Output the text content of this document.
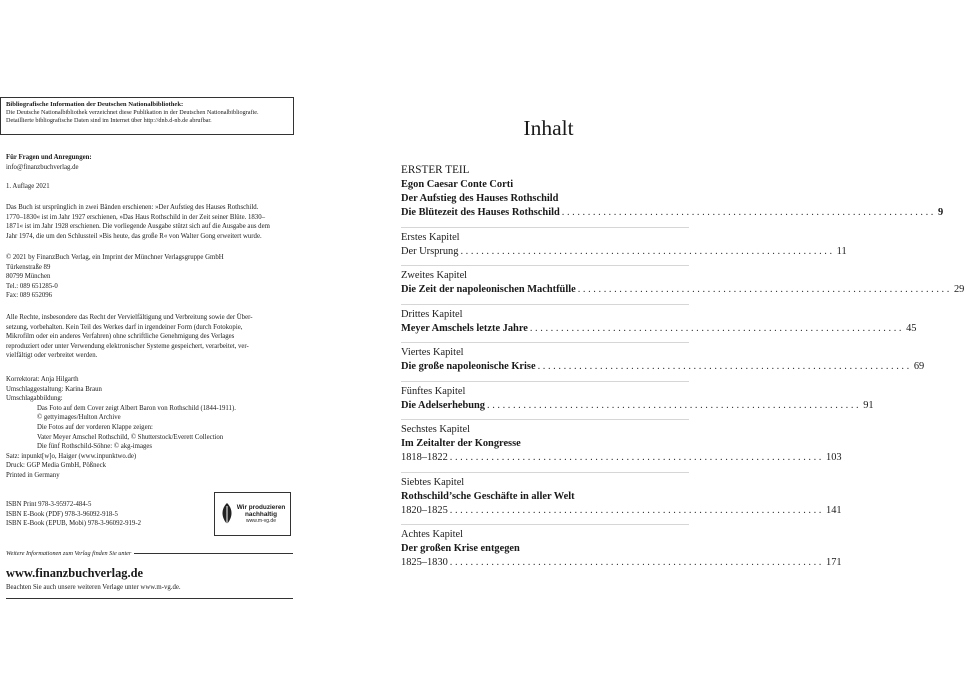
Bibliografische Information der Deutschen Nationalbibliothek:
Die Deutsche Nationalbibliothek verzeichnet diese Publikation in der Deutschen Nationalbibliografie.
Detaillierte bibliografische Daten sind im Internet über http://dnb.d-nb.de abrufbar.
Für Fragen und Anregungen:
info@finanzbuchverlag.de
1. Auflage 2021
Das Buch ist ursprünglich in zwei Bänden erschienen: »Der Aufstieg des Hauses Rothschild.
1770–1830« ist im Jahr 1927 erschienen, »Das Haus Rothschild in der Zeit seiner Blüte. 1830–
1871« ist im Jahr 1928 erschienen. Die vorliegende Ausgabe stützt sich auf die Ausgabe aus dem
Jahr 1974, die um den Schlussteil »Bis heute, das große R« von Walter Gong erweitert wurde.
© 2021 by FinanzBuch Verlag, ein Imprint der Münchner Verlagsgruppe GmbH
Türkenstraße 89
80799 München
Tel.: 089 651285-0
Fax: 089 652096
Alle Rechte, insbesondere das Recht der Vervielfältigung und Verbreitung sowie der Über-
setzung, vorbehalten. Kein Teil des Werkes darf in irgendeiner Form (durch Fotokopie,
Mikrofilm oder ein anderes Verfahren) ohne schriftliche Genehmigung des Verlages
reproduziert oder unter Verwendung elektronischer Systeme gespeichert, verarbeitet, ver-
vielfältigt oder verbreitet werden.
Korrektorat: Anja Hilgarth
Umschlaggestaltung: Karina Braun
Umschlagabbildung:
Das Foto auf dem Cover zeigt Albert Baron von Rothschild (1844-1911).
© gettyimages/Hulton Archive
Die Fotos auf der vorderen Klappe zeigen:
Vater Meyer Amschel Rothschild, © Shutterstock/Everett Collection
Die fünf Rothschild-Söhne: © akg-images
Satz: inpunkt[w]o, Haiger (www.inpunktwo.de)
Druck: GGP Media GmbH, Pößneck
Printed in Germany
ISBN Print 978-3-95972-484-5
ISBN E-Book (PDF) 978-3-96092-918-5
ISBN E-Book (EPUB, Mobi) 978-3-96092-919-2
Wir produzieren
nachhaltig
www.m-vg.de
Weitere Informationen zum Verlag finden Sie unter
www.finanzbuchverlag.de
Beachten Sie auch unsere weiteren Verlage unter www.m-vg.de.
Inhalt
ERSTER TEIL
Egon Caesar Conte Corti
Der Aufstieg des Hauses Rothschild
Die Blütezeit des Hauses Rothschild ........................................................................ 9
Erstes Kapitel
Der Ursprung ........................................................................ 11
Zweites Kapitel
Die Zeit der napoleonischen Machtfülle ........................................................................ 29
Drittes Kapitel
Meyer Amschels letzte Jahre ........................................................................ 45
Viertes Kapitel
Die große napoleonische Krise ........................................................................ 69
Fünftes Kapitel
Die Adelserhebung ........................................................................ 91
Sechstes Kapitel
Im Zeitalter der Kongresse
1818–1822 ........................................................................ 103
Siebtes Kapitel
Rothschild’sche Geschäfte in aller Welt
1820–1825 ........................................................................ 141
Achtes Kapitel
Der großen Krise entgegen
1825–1830 ........................................................................ 171
